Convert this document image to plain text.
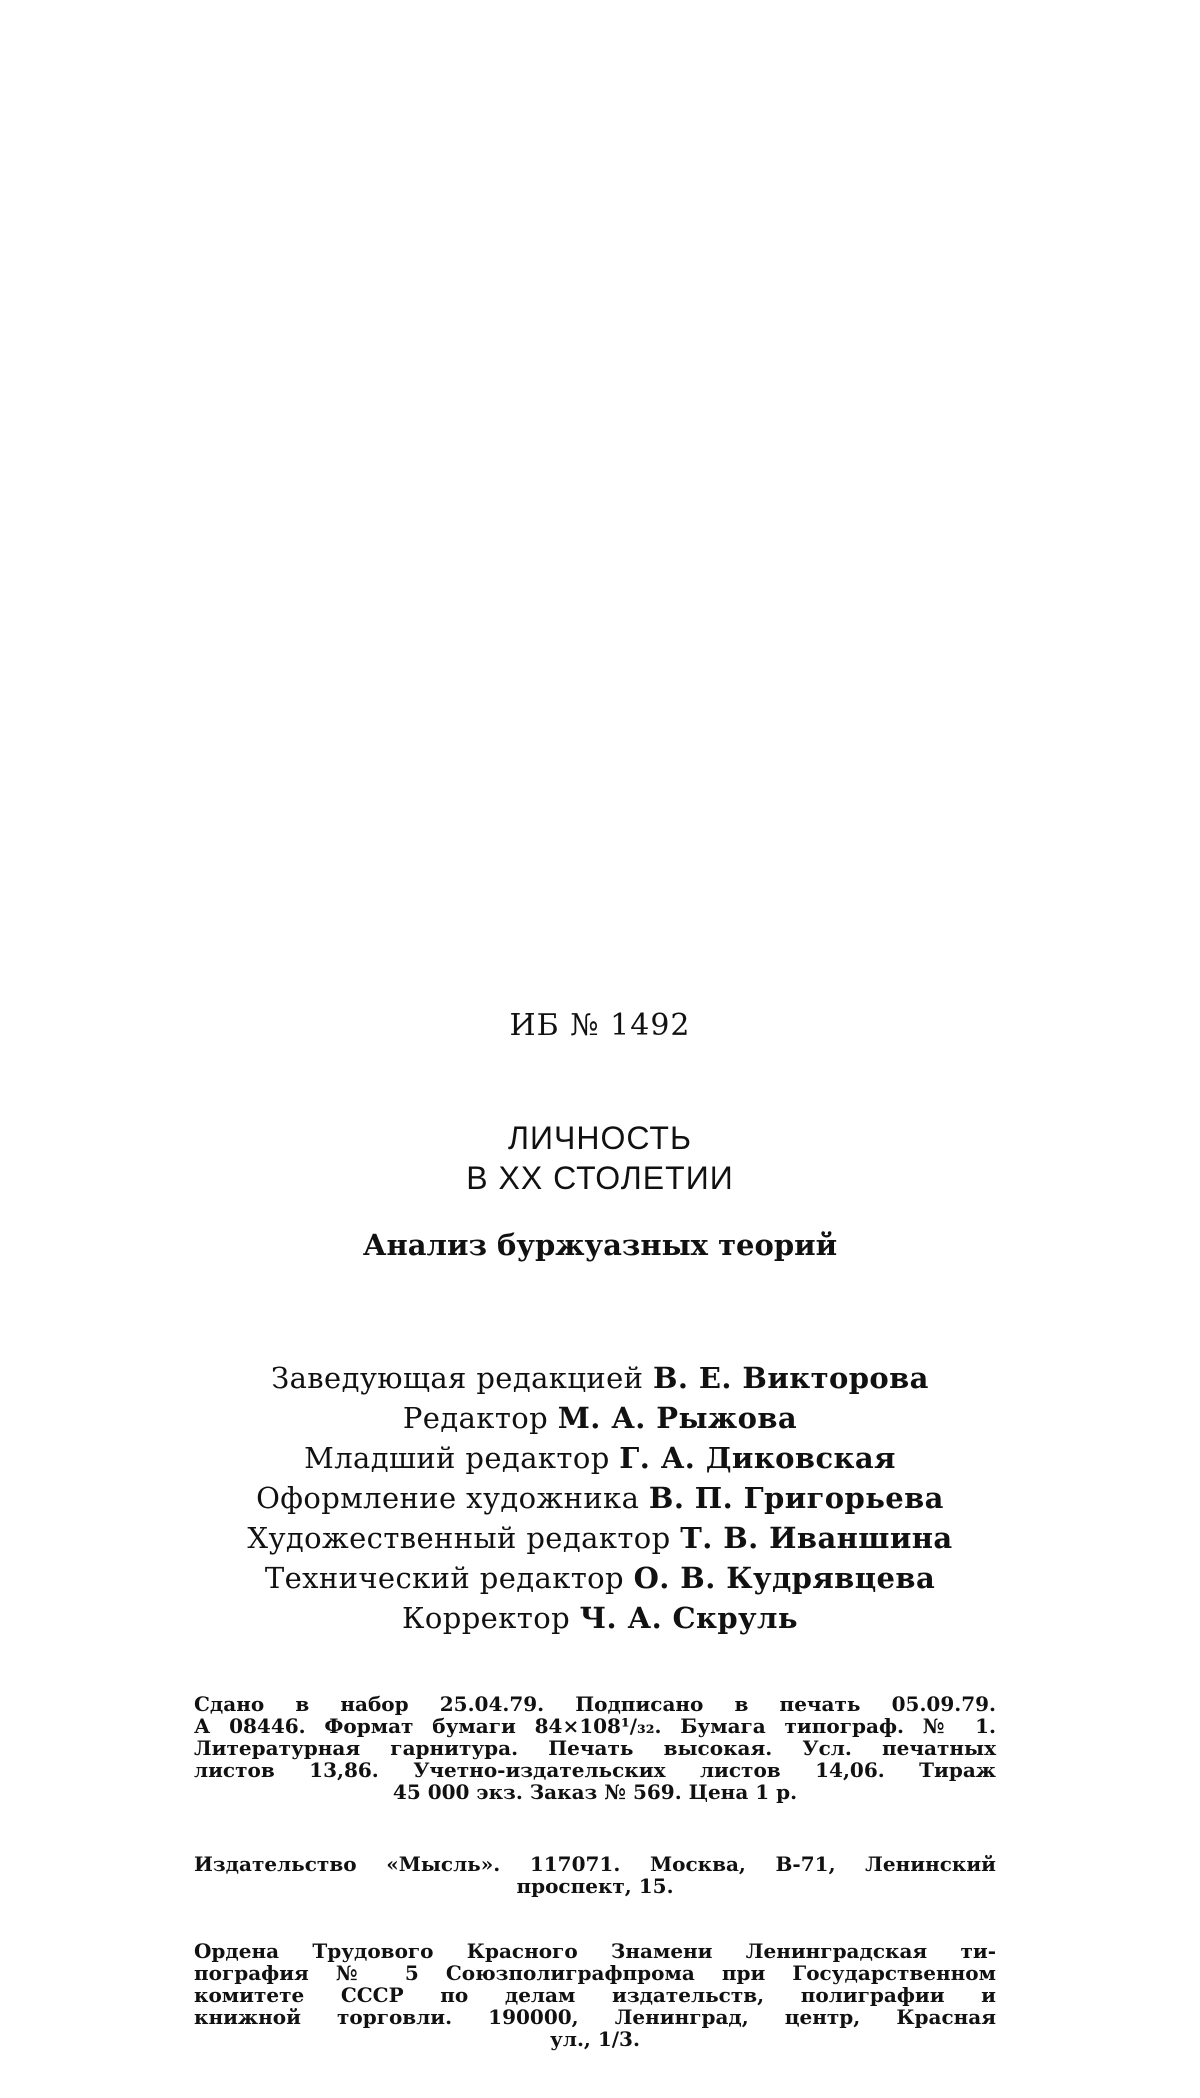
ИБ № 1492
ЛИЧНОСТЬ
В XX СТОЛЕТИИ
Анализ буржуазных теорий
Заведующая редакцией В. Е. Викторова
Редактор М. А. Рыжова
Младший редактор Г. А. Диковская
Оформление художника В. П. Григорьева
Художественный редактор Т. В. Иваншина
Технический редактор О. В. Кудрявцева
Корректор Ч. А. Скруль
Сдано в набор 25.04.79. Подписано в печать 05.09.79.
А 08446. Формат бумаги 84×108¹/₃₂. Бумага типограф. № 1.
Литературная гарнитура. Печать высокая. Усл. печатных
листов 13,86. Учетно-издательских листов 14,06. Тираж
45 000 экз. Заказ № 569. Цена 1 р.
Издательство «Мысль». 117071. Москва, В-71, Ленинский
проспект, 15.
Ордена Трудового Красного Знамени Ленинградская ти-
пография № 5 Союзполиграфпрома при Государственном
комитете СССР по делам издательств, полиграфии и
книжной торговли. 190000, Ленинград, центр, Красная
ул., 1/3.
